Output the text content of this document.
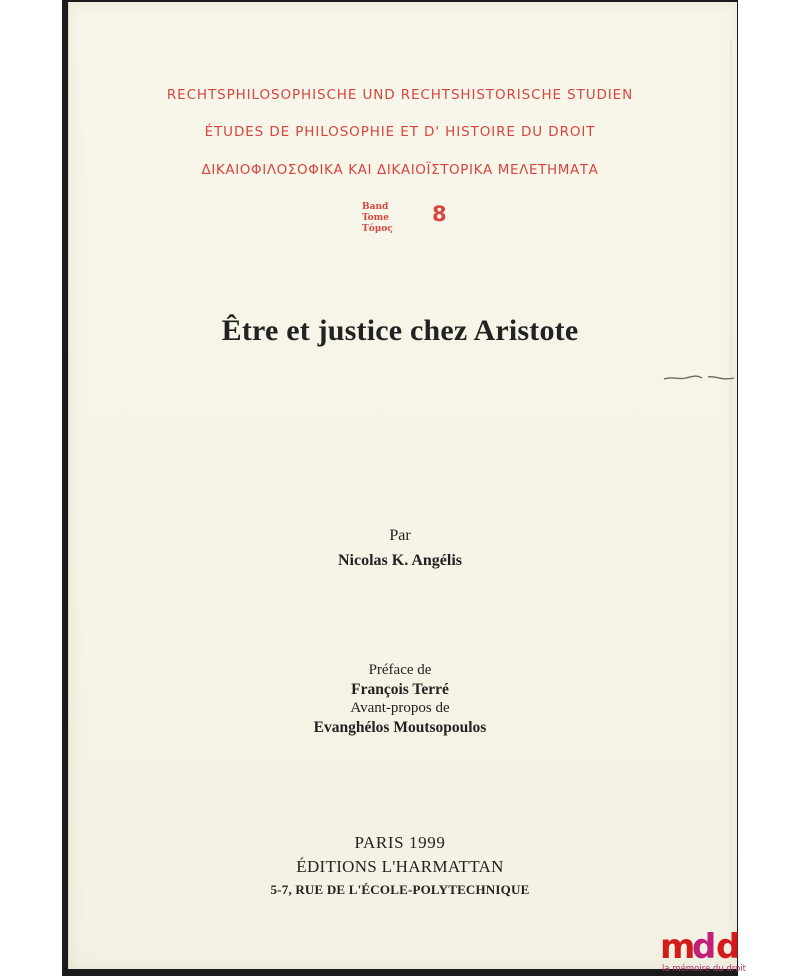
RECHTSPHILOSOPHISCHE UND RECHTSHISTORISCHE STUDIEN
ÉTUDES DE PHILOSOPHIE ET D' HISTOIRE DU DROIT
ΔΙΚΑΙΟΦΙΛΟΣΟΦΙΚΑ ΚΑΙ ΔΙΚΑΙΟΪΣΤΟΡΙΚΑ ΜΕΛΕΤΗΜΑΤΑ
Band
Tome
Τόμος
8
Être et justice chez Aristote
Par
Nicolas K. Angélis
Préface de
François Terré
Avant-propos de
Evanghélos Moutsopoulos
PARIS 1999
ÉDITIONS L'HARMATTAN
5-7, RUE DE L'ÉCOLE-POLYTECHNIQUE
m
d d
la mémoire du droit
